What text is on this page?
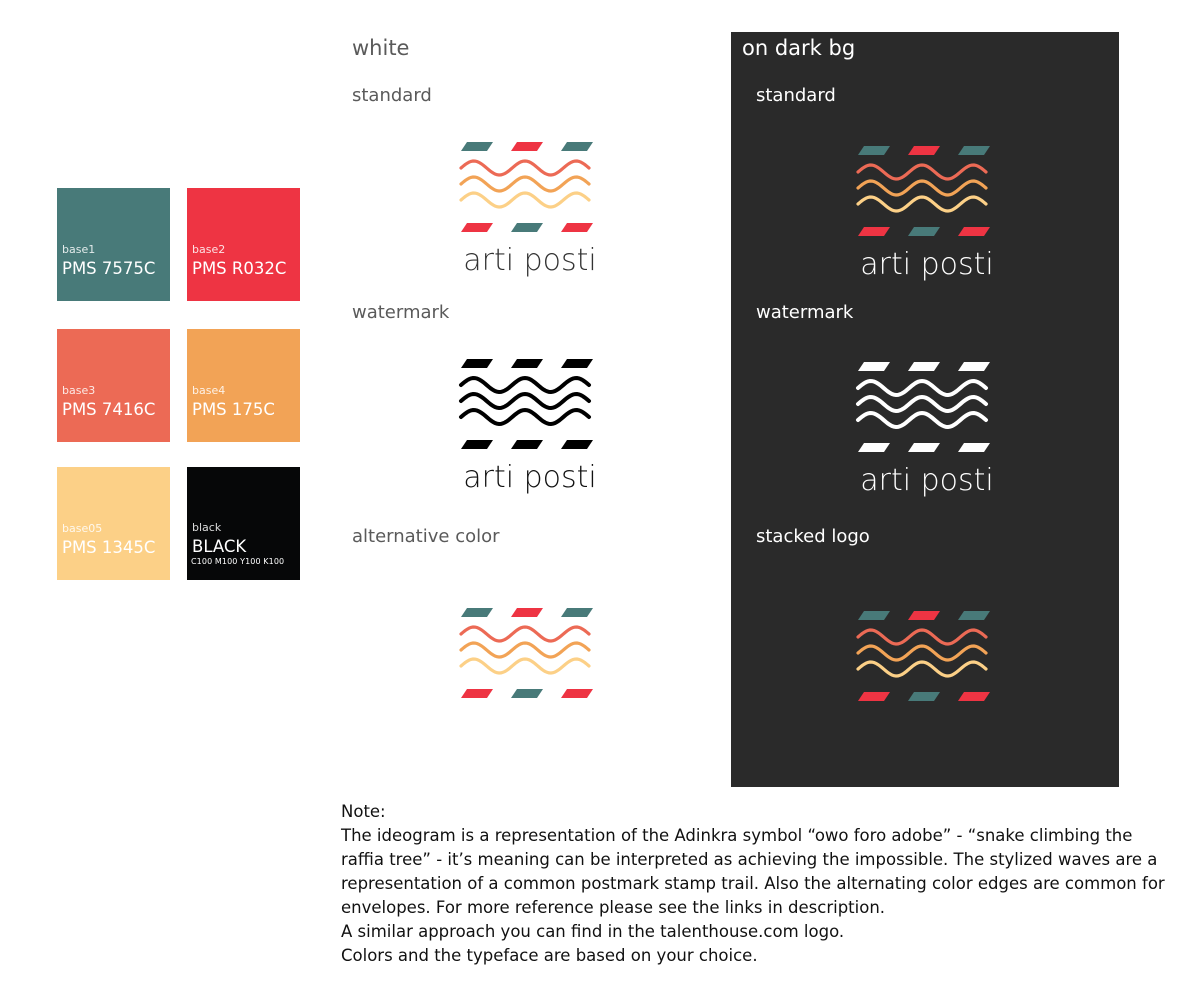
base1
PMS 7575C
base2
PMS R032C
base3
PMS 7416C
base4
PMS 175C
base05
PMS 1345C
black
BLACK
C100 M100 Y100 K100
white
standard
watermark
alternative color
on dark bg
standard
watermark
stacked logo
arti posti
arti posti
arti posti
arti posti

Note:

The ideogram is a representation of the Adinkra symbol “owo foro adobe” - “snake climbing the raffia tree” - it’s meaning can be interpreted as achieving the impossible. The stylized waves are a representation of a common postmark stamp trail. Also the alternating color edges are common for envelopes. For more reference please see the links in description.

A similar approach you can find in the talenthouse.com logo.

Colors and the typeface are based on your choice.
